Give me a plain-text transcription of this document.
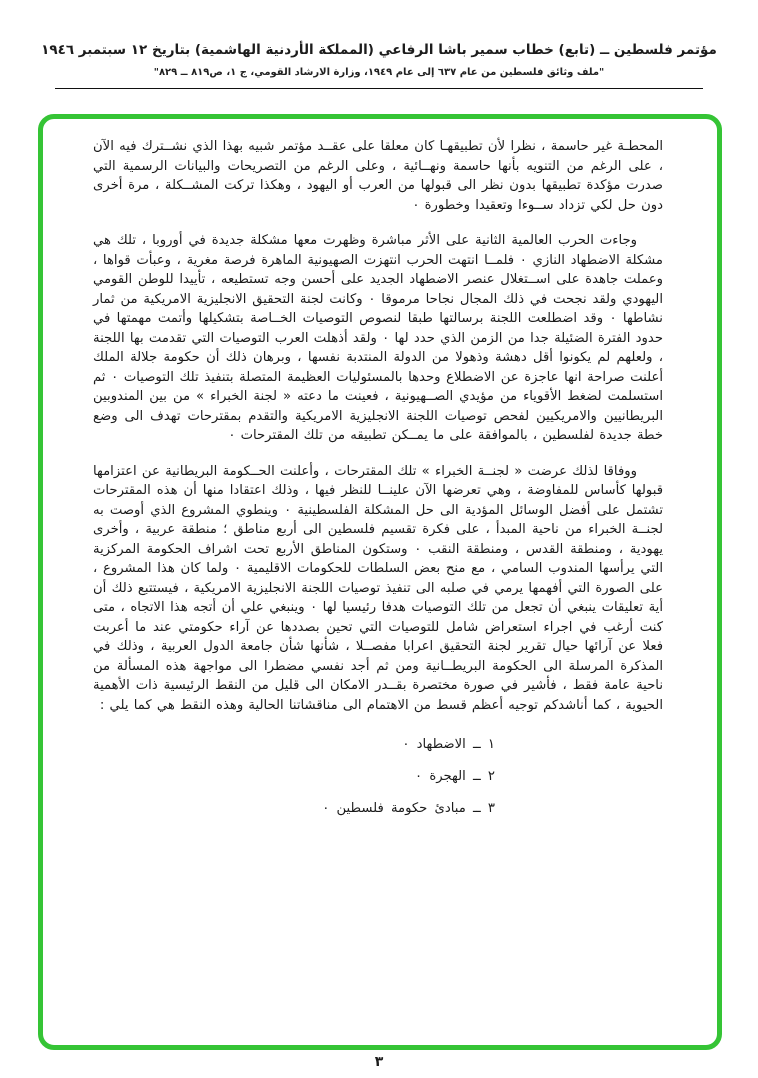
مؤتمر فلسطين ــ (تابع) خطاب سمير باشا الرفاعي (المملكة الأردنية الهاشمية) بتاريخ ١٢ سبتمبر ١٩٤٦
"ملف وثائق فلسطين من عام ٦٣٧ إلى عام ١٩٤٩، وزارة الارشاد القومي، ج ١، ص٨١٩ ــ ٨٢٩"

المحطـة غير حاسمة ، نظرا لأن تطبيقهـا كان معلقا على عقــد مؤتمر شبيه بهذا الذي نشــترك فيه الآن ، على الرغم من التنويه بأنها حاسمة ونهــائية ، وعلى الرغم من التصريحات والبيانات الرسمية التي صدرت مؤكدة تطبيقها بدون نظر الى قبولها من العرب أو اليهود ، وهكذا تركت المشــكلة ، مرة أخرى دون حل لكي تزداد ســوءا وتعقيدا وخطورة ٠

وجاءت الحرب العالمية الثانية على الأثر مباشرة وظهرت معها مشكلة جديدة في أوروبا ، تلك هي مشكلة الاضطهاد النازي ٠ فلمــا انتهت الحرب انتهزت الصهيونية الماهرة فرصة مغرية ، وعبأت قواها ، وعملت جاهدة على اســتغلال عنصر الاضطهاد الجديد على أحسن وجه تستطيعه ، تأييدا للوطن القومي اليهودي ولقد نجحت في ذلك المجال نجاحا مرموقا ٠ وكانت لجنة التحقيق الانجليزية الامريكية من ثمار نشاطها ٠ وقد اضطلعت اللجنة برسالتها طبقا لنصوص التوصيات الخــاصة بتشكيلها وأتمت مهمتها في حدود الفترة الضئيلة جدا من الزمن الذي حدد لها ٠ ولقد أذهلت العرب التوصيات التي تقدمت بها اللجنة ، ولعلهم لم يكونوا أقل دهشة وذهولا من الدولة المنتدبة نفسها ، وبرهان ذلك أن حكومة جلالة الملك أعلنت صراحة انها عاجزة عن الاضطلاع وحدها بالمسئوليات العظيمة المتصلة بتنفيذ تلك التوصيات ٠ ثم استسلمت لضغط الأقوياء من مؤيدي الصــهيونية ، فعينت ما دعته « لجنة الخبراء » من بين المندوبين البريطانيين والامريكيين لفحص توصيات اللجنة الانجليزية الامريكية والتقدم بمقترحات تهدف الى وضع خطة جديدة لفلسطين ، بالموافقة على ما يمــكن تطبيقه من تلك المقترحات ٠

ووفاقا لذلك عرضت « لجنــة الخبراء » تلك المقترحات ، وأعلنت الحــكومة البريطانية عن اعتزامها قبولها كأساس للمفاوضة ، وهي تعرضها الآن علينــا للنظر فيها ، وذلك اعتقادا منها أن هذه المقترحات تشتمل على أفضل الوسائل المؤدية الى حل المشكلة الفلسطينية ٠ وينطوي المشروع الذي أوصت به لجنــة الخبراء من ناحية المبدأ ، على فكرة تقسيم فلسطين الى أربع مناطق ؛ منطقة عربية ، وأخرى يهودية ، ومنطقة القدس ، ومنطقة النقب ٠ وستكون المناطق الأربع تحت اشراف الحكومة المركزية التي يرأسها المندوب السامي ، مع منح بعض السلطات للحكومات الاقليمية ٠ ولما كان هذا المشروع ، على الصورة التي أفهمها يرمي في صلبه الى تنفيذ توصيات اللجنة الانجليزية الامريكية ، فيستتبع ذلك أن أية تعليقات ينبغي أن تجعل من تلك التوصيات هدفا رئيسيا لها ٠ وينبغي علي أن أتجه هذا الاتجاه ، متى كنت أرغب في اجراء استعراض شامل للتوصيات التي تحين بصددها عن آراء حكومتي عند ما أعربت فعلا عن آرائها حيال تقرير لجنة التحقيق اعرابا مفصــلا ، شأنها شأن جامعة الدول العربية ، وذلك في المذكرة المرسلة الى الحكومة البريطــانية ومن ثم أجد نفسي مضطرا الى مواجهة هذه المسألة من ناحية عامة فقط ، فأشير في صورة مختصرة بقــدر الامكان الى قليل من النقط الرئيسية ذات الأهمية الحيوية ، كما أناشدكم توجيه أعظم قسط من الاهتمام الى مناقشاتنا الحالية وهذه النقط هي كما يلي :

١ ــ الاضطهاد ٠
٢ ــ الهجرة ٠
٣ ــ مبادئ حكومة فلسطين ٠
٣
